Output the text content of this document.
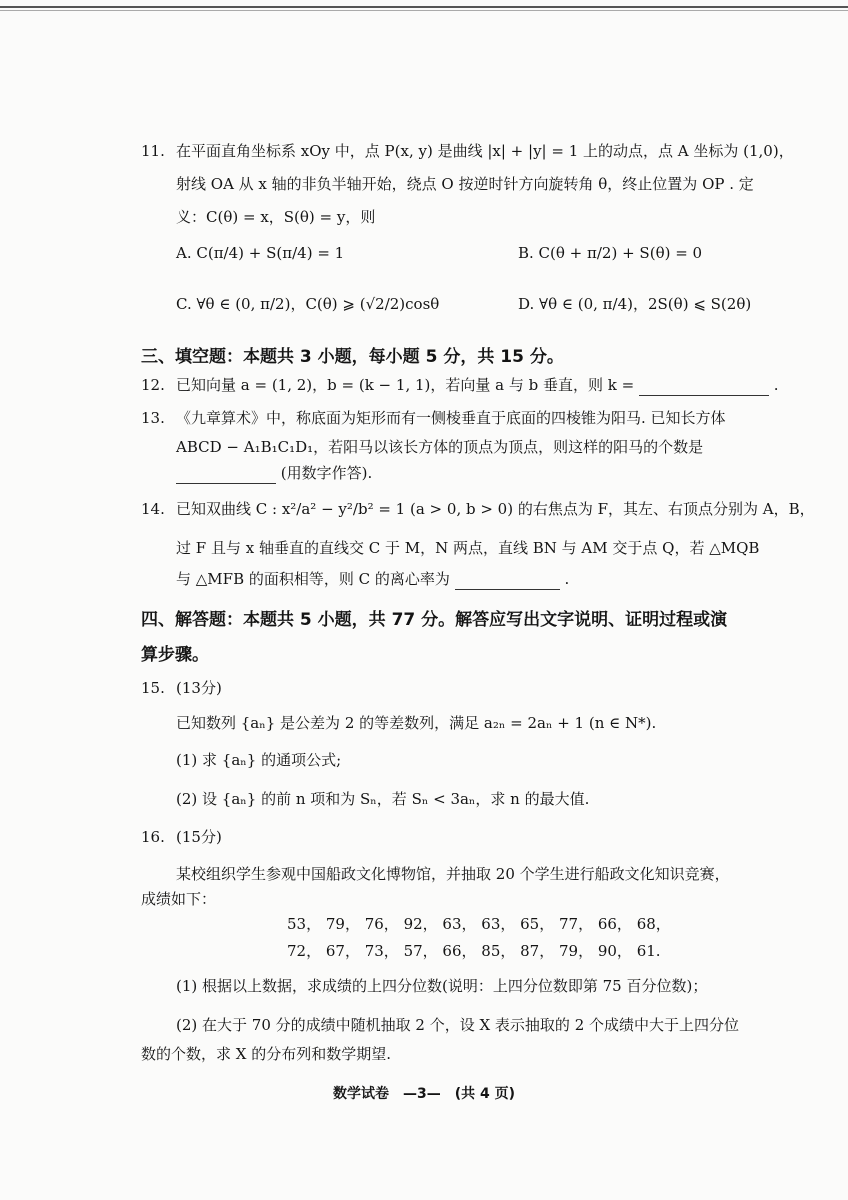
11. 在平面直角坐标系 xOy 中，点 P(x, y) 是曲线 |x| + |y| = 1 上的动点，点 A 坐标为 (1,0)，
射线 OA 从 x 轴的非负半轴开始，绕点 O 按逆时针方向旋转角 θ，终止位置为 OP . 定
义：C(θ) = x，S(θ) = y，则
A. C(π/4) + S(π/4) = 1	B. C(θ + π/2) + S(θ) = 0
C. ∀θ ∈ (0, π/2)，C(θ) ⩾ (√2/2)cosθ	D. ∀θ ∈ (0, π/4)，2S(θ) ⩽ S(2θ)
三、填空题：本题共 3 小题，每小题 5 分，共 15 分。
12. 已知向量 a = (1, 2)，b = (k − 1, 1)，若向量 a 与 b 垂直，则 k =	.
13. 《九章算术》中，称底面为矩形而有一侧棱垂直于底面的四棱锥为阳马. 已知长方体
ABCD − A₁B₁C₁D₁，若阳马以该长方体的顶点为顶点，则这样的阳马的个数是
(用数字作答).
14. 已知双曲线 C : x²/a² − y²/b² = 1 (a > 0, b > 0) 的右焦点为 F，其左、右顶点分别为 A，B，
过 F 且与 x 轴垂直的直线交 C 于 M，N 两点，直线 BN 与 AM 交于点 Q，若 △MQB
与 △MFB 的面积相等，则 C 的离心率为	.
四、解答题：本题共 5 小题，共 77 分。解答应写出文字说明、证明过程或演
算步骤。
15. (13分)
已知数列 {aₙ} 是公差为 2 的等差数列，满足 a₂ₙ = 2aₙ + 1 (n ∈ N*).
(1) 求 {aₙ} 的通项公式;
(2) 设 {aₙ} 的前 n 项和为 Sₙ，若 Sₙ < 3aₙ，求 n 的最大值.
16. (15分)
某校组织学生参观中国船政文化博物馆，并抽取 20 个学生进行船政文化知识竞赛，
成绩如下：
53， 79， 76， 92， 63， 63， 65， 77， 66， 68，
72， 67， 73， 57， 66， 85， 87， 79， 90， 61.
(1) 根据以上数据，求成绩的上四分位数(说明：上四分位数即第 75 百分位数)；
(2) 在大于 70 分的成绩中随机抽取 2 个，设 X 表示抽取的 2 个成绩中大于上四分位
数的个数，求 X 的分布列和数学期望.
数学试卷　—3—　(共 4 页)
